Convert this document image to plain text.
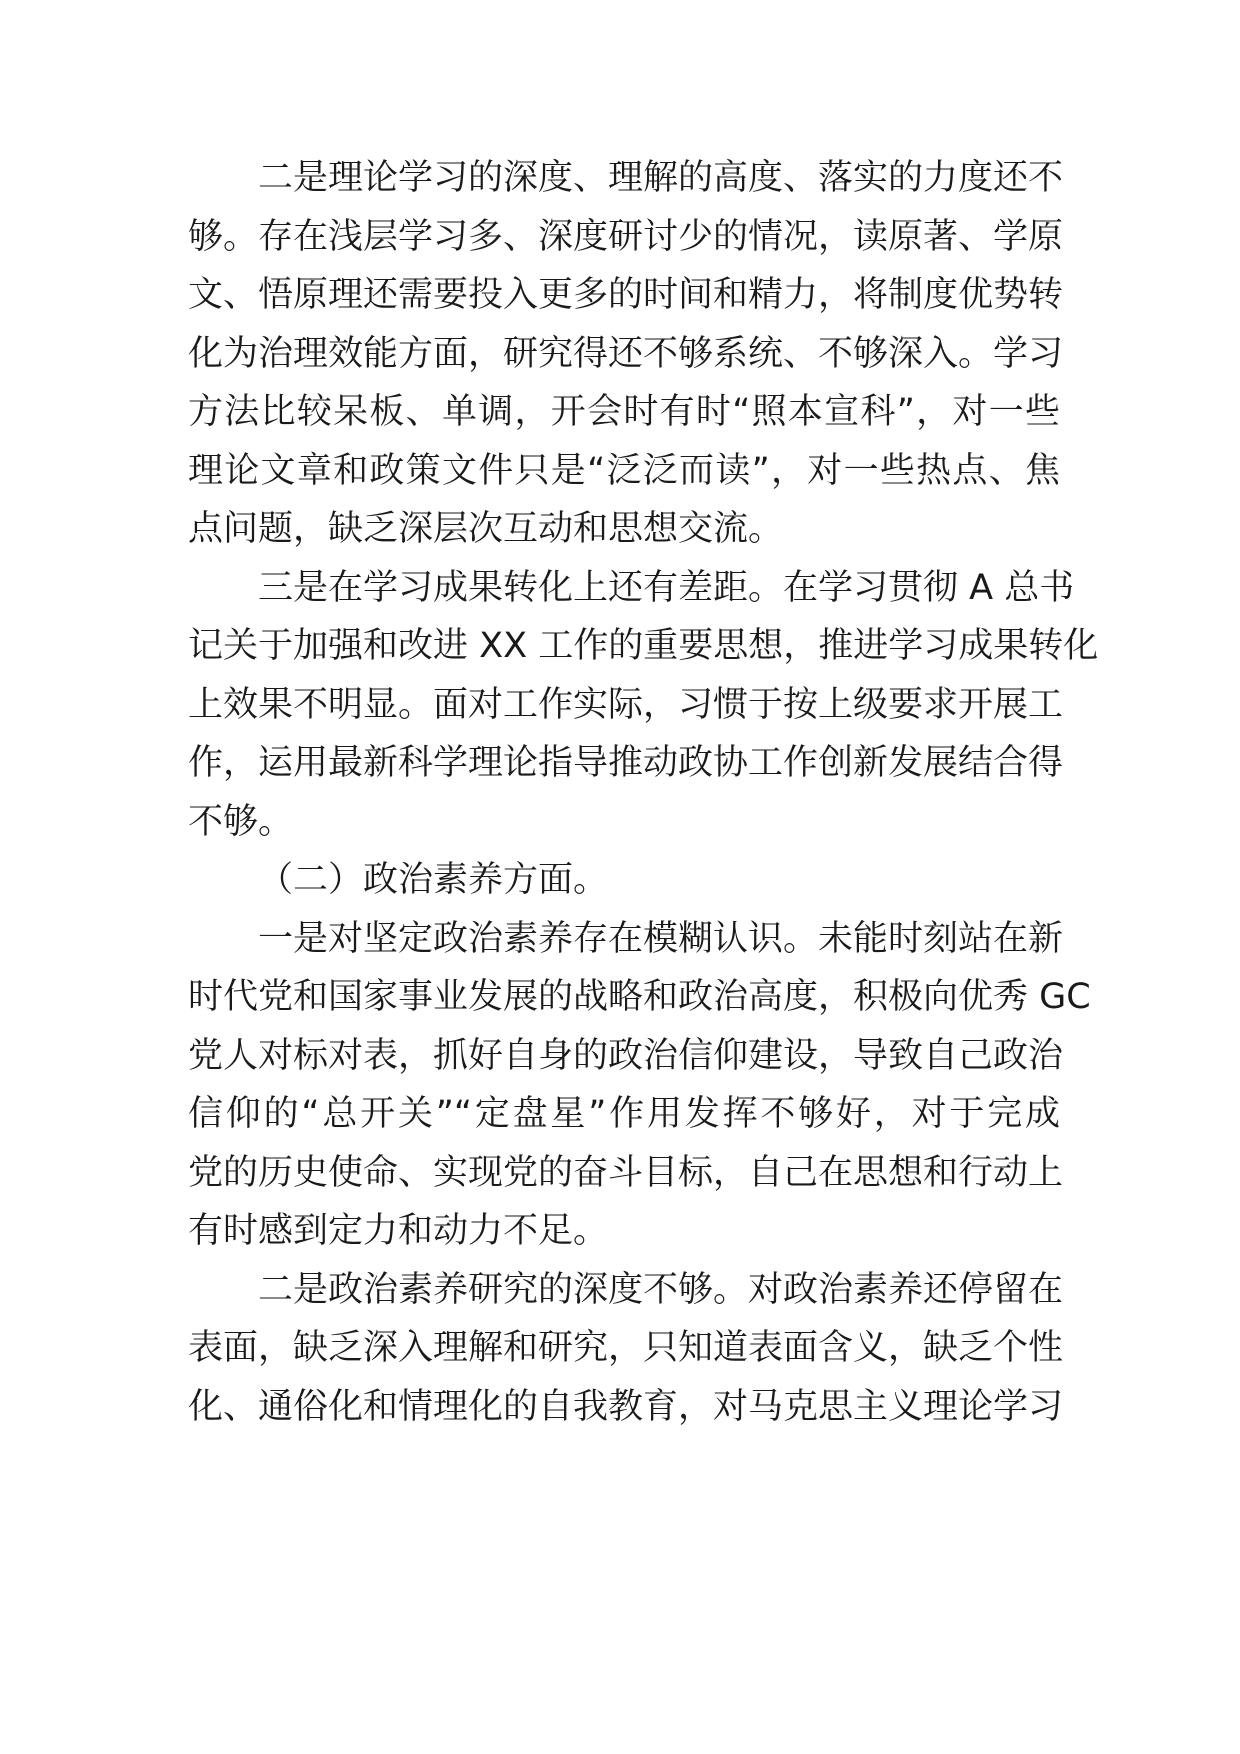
二是理论学习的深度、理解的高度、落实的力度还不
够。存在浅层学习多、深度研讨少的情况，读原著、学原
文、悟原理还需要投入更多的时间和精力，将制度优势转
化为治理效能方面，研究得还不够系统、不够深入。学习
方法比较呆板、单调，开会时有时“照本宣科”，对一些
理论文章和政策文件只是“泛泛而读”，对一些热点、焦
点问题，缺乏深层次互动和思想交流。
三是在学习成果转化上还有差距。在学习贯彻 A 总书
记关于加强和改进 XX 工作的重要思想，推进学习成果转化
上效果不明显。面对工作实际，习惯于按上级要求开展工
作，运用最新科学理论指导推动政协工作创新发展结合得
不够。
（二）政治素养方面。
一是对坚定政治素养存在模糊认识。未能时刻站在新
时代党和国家事业发展的战略和政治高度，积极向优秀 GC
党人对标对表，抓好自身的政治信仰建设，导致自己政治
信仰的“总开关”“定盘星”作用发挥不够好，对于完成
党的历史使命、实现党的奋斗目标，自己在思想和行动上
有时感到定力和动力不足。
二是政治素养研究的深度不够。对政治素养还停留在
表面，缺乏深入理解和研究，只知道表面含义，缺乏个性
化、通俗化和情理化的自我教育，对马克思主义理论学习
